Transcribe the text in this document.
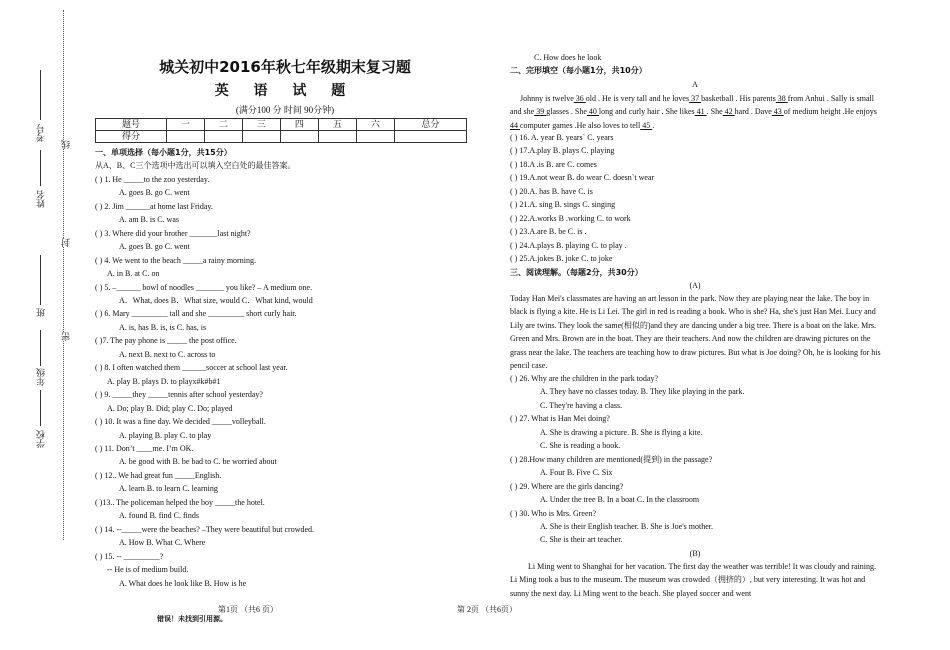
考号
姓名
班
年级
学校
线
封
密
城关初中2016年秋七年级期末复习题
英 语 试 题
(满分100 分 时间 90分钟)
题号	一	二	三	四	五	六	总分
得分							
一、单项选择（每小题1分，共15分）
从A、B、C三个选项中选出可以填入空白处的最佳答案。
( ) 1. He _____to the zoo yesterday.
A. goes B. go C. went
( ) 2. Jim ______at home last Friday.
A. am B. is C. was
( ) 3. Where did your brother _______last night?
A. goes B. go C. went
( ) 4. We went to the beach _____a rainy morning.
A. in B. at C. on
( ) 5. –______ bowl of noodles _______ you like? – A medium one.
A．What, does B．What size, would C．What kind, would
( ) 6. Mary _________ tall and she _________ short curly hair.
A. is, has B. is, is C. has, is
( )7. The pay phone is _____ the post office.
A. next B. next to C. across to
( ) 8. I often watched them ______soccer at school last year.
A. play B. plays D. to playx#k#b#1
( ) 9. _____they _____tennis after school yesterday?
A. Do; play B. Did; play C. Do; played
( ) 10. It was a fine day. We decided _____volleyball.
A. playing B. play C. to play
( ) 11. Don’t ____me. I’m OK.
A. be good with B. be bad to C. be worried about
( ) 12.. We had great fun _____English.
A. learn B. to learn C. learning
( )13.. The policeman helped the boy _____the hotel.
A. found B. find C. finds
( ) 14. --_____were the beaches? –They were beautiful but crowded.
A. How B. What C. Where
( ) 15. -- _________?
-- He is of medium build.
A. What does he look like B. How is he
C. How does he look
二、完形填空（每小题1分，共10分）
A

Johnny is twelve 36 old . He is very tall and he loves 37 basketball . His parents 38 from Anhui . Sally is small and she 39 glasses . She 40 long and curly hair . She likes 41 . She 42 hard . Dave 43 of medium height .He enjoys 44 computer games .He also loves to tell 45 .

( ) 16. A. year B. years` C. years
( ) 17.A.play B. plays C. playing
( ) 18.A .is B. are C. comes
( ) 19.A.not wear B. do wear C. doesn`t wear
( ) 20.A. has B. have C. is
( ) 21.A. sing B. sings C. singing
( ) 22.A.works B .working C. to work
( ) 23.A.are B. be C. is .
( ) 24.A.plays B. playing C. to play .
( ) 25.A.jokes B. joke C. to joke
三、阅读理解。（每题2分，共30分）
(A)

Today Han Mei's classmates are having an art lesson in the park. Now they are playing near the lake. The boy in black is flying a kite. He is Li Lei. The girl in red is reading a book. Who is she? Ha, she's just Han Mei. Lucy and Lily are twins. They look the same(相似的)and they are dancing under a big tree. There is a boat on the lake. Mrs. Green and Mrs. Brown are in the boat. They are their teachers. And now the children are drawing pictures on the grass near the lake. The teachers are teaching how to draw pictures. But what is Joe doing? Oh, he is looking for his pencil case.

( ) 26. Why are the children in the park today?
A. They have no classes today. B. They like playing in the park.
C. They're having a class.
( ) 27. What is Han Mei doing?
A. She is drawing a picture. B. She is flying a kite.
C. She is reading a book.
( ) 28.How many children are mentioned(提到) in the passage?
A. Four B. Five C. Six
( ) 29. Where are the girls dancing?
A. Under the tree B. In a boat C. In the classroom
( ) 30. Who is Mrs. Green?
A. She is their English teacher. B. She is Joe's mother.
C. She is their art teacher.
(B)

Li Ming went to Shanghai for her vacation. The first day the weather was terrible! It was cloudy and raining. Li Ming took a bus to the museum. The museum was crowded（拥挤的）, but very interesting. It was hot and sunny the next day. Li Ming went to the beach. She played soccer and went

第1页 （共6 页）	第 2页 （共6页）
错误！未找到引用源。
